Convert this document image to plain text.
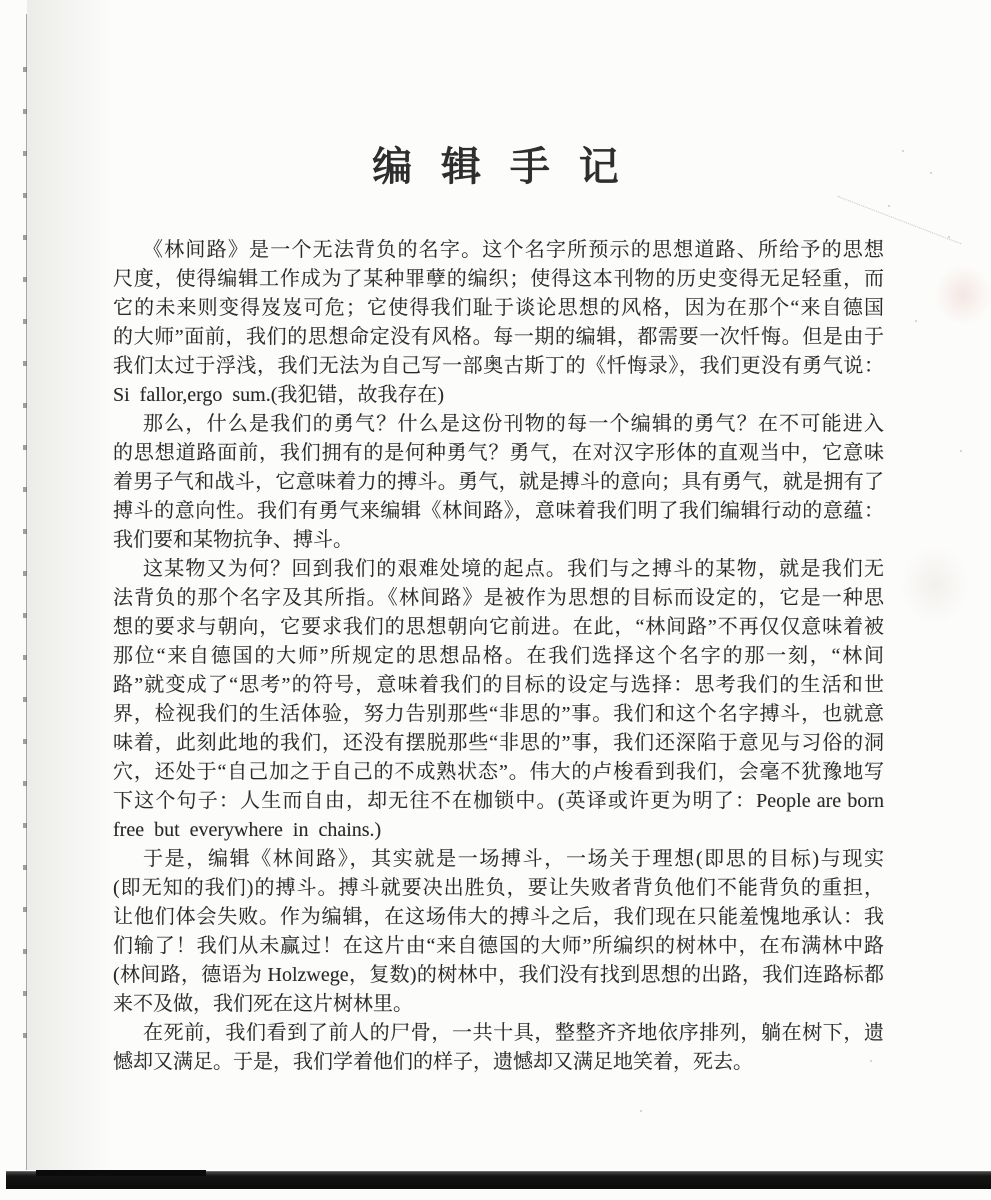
编辑手记
《林间路》是一个无法背负的名字。这个名字所预示的思想道路、所给予的思想
尺度，使得编辑工作成为了某种罪孽的编织；使得这本刊物的历史变得无足轻重，而
它的未来则变得岌岌可危；它使得我们耻于谈论思想的风格，因为在那个“来自德国
的大师”面前，我们的思想命定没有风格。每一期的编辑，都需要一次忏悔。但是由于
我们太过于浮浅，我们无法为自己写一部奥古斯丁的《忏悔录》，我们更没有勇气说：
Si fallor,ergo sum.(我犯错，故我存在)
那么，什么是我们的勇气？什么是这份刊物的每一个编辑的勇气？在不可能进入
的思想道路面前，我们拥有的是何种勇气？勇气，在对汉字形体的直观当中，它意味
着男子气和战斗，它意味着力的搏斗。勇气，就是搏斗的意向；具有勇气，就是拥有了
搏斗的意向性。我们有勇气来编辑《林间路》，意味着我们明了我们编辑行动的意蕴：
我们要和某物抗争、搏斗。
这某物又为何？回到我们的艰难处境的起点。我们与之搏斗的某物，就是我们无
法背负的那个名字及其所指。《林间路》是被作为思想的目标而设定的，它是一种思
想的要求与朝向，它要求我们的思想朝向它前进。在此，“林间路”不再仅仅意味着被
那位“来自德国的大师”所规定的思想品格。在我们选择这个名字的那一刻，“林间
路”就变成了“思考”的符号，意味着我们的目标的设定与选择：思考我们的生活和世
界，检视我们的生活体验，努力告别那些“非思的”事。我们和这个名字搏斗，也就意
味着，此刻此地的我们，还没有摆脱那些“非思的”事，我们还深陷于意见与习俗的洞
穴，还处于“自己加之于自己的不成熟状态”。伟大的卢梭看到我们，会毫不犹豫地写
下这个句子：人生而自由，却无往不在枷锁中。(英译或许更为明了：People are born
free but everywhere in chains.)
于是，编辑《林间路》，其实就是一场搏斗，一场关于理想(即思的目标)与现实
(即无知的我们)的搏斗。搏斗就要决出胜负，要让失败者背负他们不能背负的重担，
让他们体会失败。作为编辑，在这场伟大的搏斗之后，我们现在只能羞愧地承认：我
们输了！我们从未赢过！在这片由“来自德国的大师”所编织的树林中，在布满林中路
(林间路，德语为 Holzwege，复数)的树林中，我们没有找到思想的出路，我们连路标都
来不及做，我们死在这片树林里。
在死前，我们看到了前人的尸骨，一共十具，整整齐齐地依序排列，躺在树下，遗
憾却又满足。于是，我们学着他们的样子，遗憾却又满足地笑着，死去。
